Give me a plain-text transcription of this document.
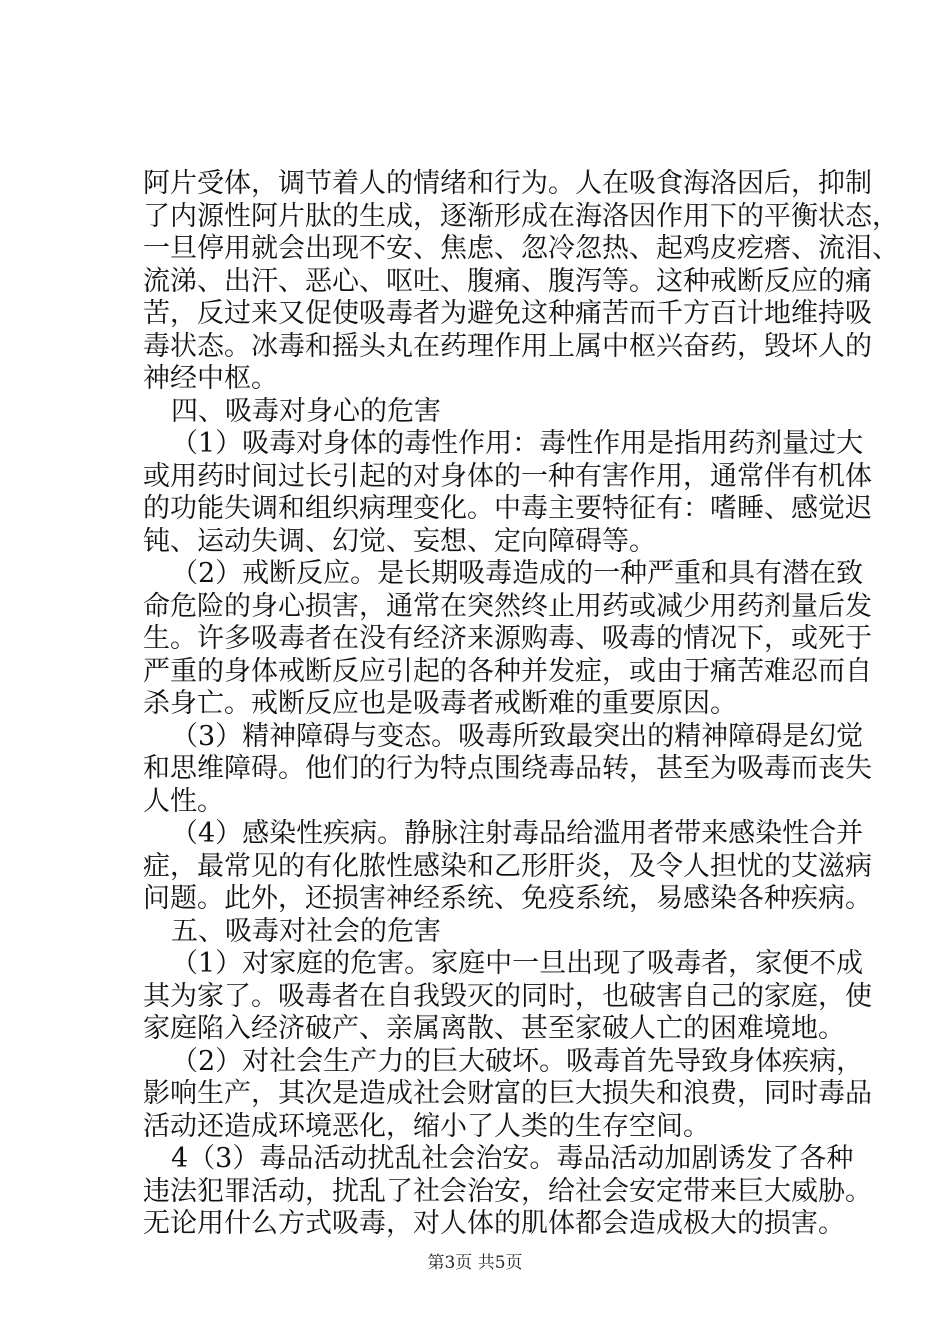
阿片受体，调节着人的情绪和行为。人在吸食海洛因后，抑制
了内源性阿片肽的生成，逐渐形成在海洛因作用下的平衡状态，
一旦停用就会出现不安、焦虑、忽冷忽热、起鸡皮疙瘩、流泪、
流涕、出汗、恶心、呕吐、腹痛、腹泻等。这种戒断反应的痛
苦，反过来又促使吸毒者为避免这种痛苦而千方百计地维持吸
毒状态。冰毒和摇头丸在药理作用上属中枢兴奋药，毁坏人的
神经中枢。
四、吸毒对身心的危害
（1）吸毒对身体的毒性作用：毒性作用是指用药剂量过大
或用药时间过长引起的对身体的一种有害作用，通常伴有机体
的功能失调和组织病理变化。中毒主要特征有：嗜睡、感觉迟
钝、运动失调、幻觉、妄想、定向障碍等。
（2）戒断反应。是长期吸毒造成的一种严重和具有潜在致
命危险的身心损害，通常在突然终止用药或减少用药剂量后发
生。许多吸毒者在没有经济来源购毒、吸毒的情况下，或死于
严重的身体戒断反应引起的各种并发症，或由于痛苦难忍而自
杀身亡。戒断反应也是吸毒者戒断难的重要原因。
（3）精神障碍与变态。吸毒所致最突出的精神障碍是幻觉
和思维障碍。他们的行为特点围绕毒品转，甚至为吸毒而丧失
人性。
（4）感染性疾病。静脉注射毒品给滥用者带来感染性合并
症，最常见的有化脓性感染和乙形肝炎，及令人担忧的艾滋病
问题。此外，还损害神经系统、免疫系统，易感染各种疾病。
五、吸毒对社会的危害
（1）对家庭的危害。家庭中一旦出现了吸毒者，家便不成
其为家了。吸毒者在自我毁灭的同时，也破害自己的家庭，使
家庭陷入经济破产、亲属离散、甚至家破人亡的困难境地。
（2）对社会生产力的巨大破坏。吸毒首先导致身体疾病，
影响生产，其次是造成社会财富的巨大损失和浪费，同时毒品
活动还造成环境恶化，缩小了人类的生存空间。
4（3）毒品活动扰乱社会治安。毒品活动加剧诱发了各种
违法犯罪活动，扰乱了社会治安，给社会安定带来巨大威胁。
无论用什么方式吸毒，对人体的肌体都会造成极大的损害。
第3页 共5页
